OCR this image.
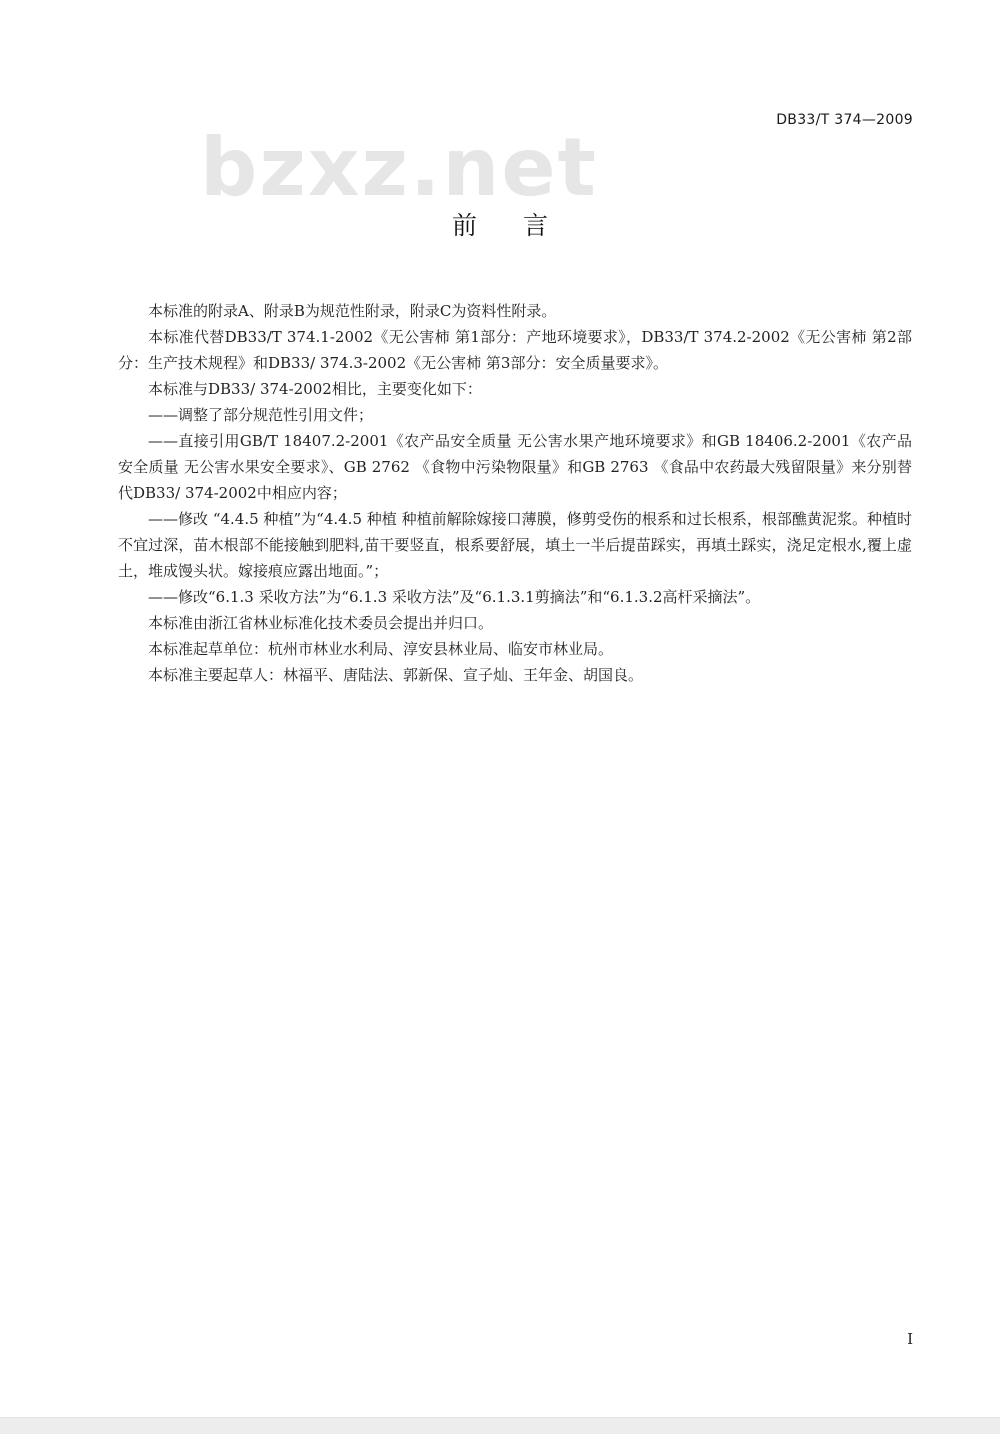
bzxz.net
DB33/T 374—2009
前言

本标准的附录A、附录B为规范性附录，附录C为资料性附录。

本标准代替DB33/T 374.1-2002《无公害柿 第1部分：产地环境要求》，DB33/T 374.2-2002《无公害柿 第2部分：生产技术规程》和DB33/ 374.3-2002《无公害柿 第3部分：安全质量要求》。

本标准与DB33/ 374-2002相比，主要变化如下：

——调整了部分规范性引用文件；

——直接引用GB/T 18407.2-2001《农产品安全质量 无公害水果产地环境要求》和GB 18406.2-2001《农产品安全质量 无公害水果安全要求》、GB 2762 《食物中污染物限量》和GB 2763 《食品中农药最大残留限量》来分别替代DB33/ 374-2002中相应内容；

——修改 “4.4.5 种植”为“4.4.5 种植 种植前解除嫁接口薄膜，修剪受伤的根系和过长根系，根部醮黄泥浆。种植时不宜过深，苗木根部不能接触到肥料,苗干要竖直，根系要舒展，填土一半后提苗踩实，再填土踩实，浇足定根水,覆上虚土，堆成馒头状。嫁接痕应露出地面。”；

——修改“6.1.3 采收方法”为“6.1.3 采收方法”及“6.1.3.1剪摘法”和“6.1.3.2高杆采摘法”。

本标准由浙江省林业标准化技术委员会提出并归口。

本标准起草单位：杭州市林业水利局、淳安县林业局、临安市林业局。

本标准主要起草人：林福平、唐陆法、郭新保、宣子灿、王年金、胡国良。

I
